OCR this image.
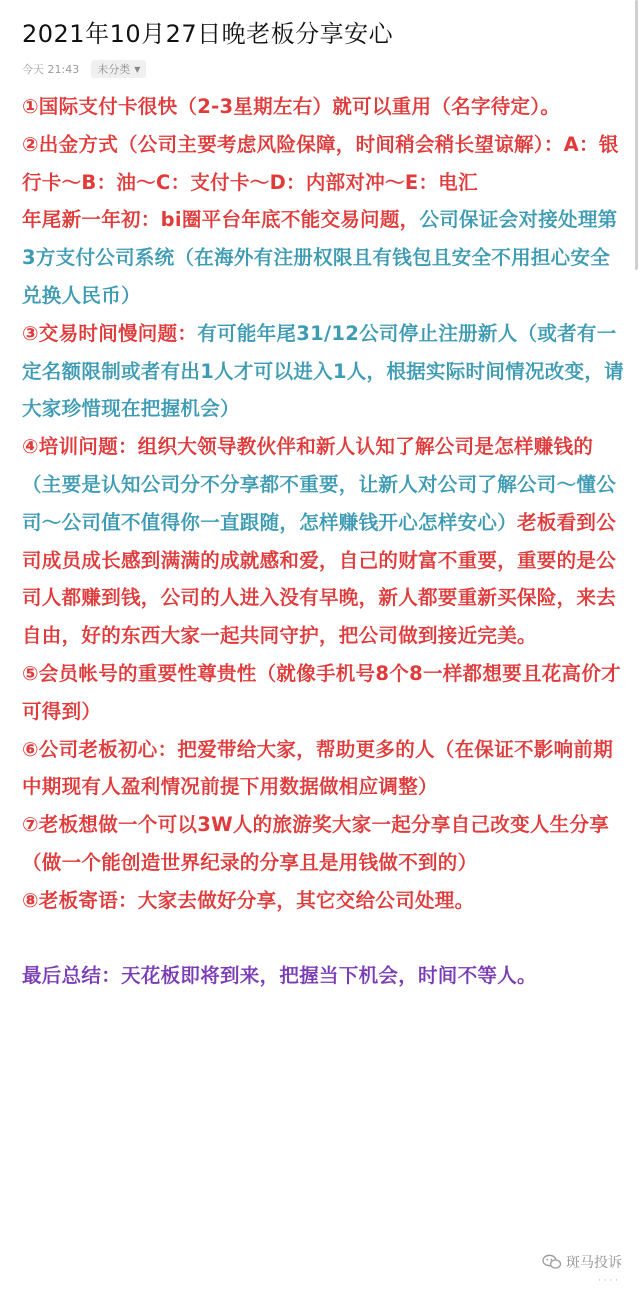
2021年10月27日晚老板分享安心
今天 21:43 未分类 ▼

①国际支付卡很快（2-3星期左右）就可以重用（名字待定）。

②出金方式（公司主要考虑风险保障，时间稍会稍长望谅解）：A：银行卡～B：油～C：支付卡～D：内部对冲～E：电汇

年尾新一年初：bi圈平台年底不能交易问题，公司保证会对接处理第3方支付公司系统（在海外有注册权限且有钱包且安全不用担心安全兑换人民币）

③交易时间慢问题：有可能年尾31/12公司停止注册新人（或者有一定名额限制或者有出1人才可以进入1人，根据实际时间情况改变，请大家珍惜现在把握机会）

④培训问题：组织大领导教伙伴和新人认知了解公司是怎样赚钱的（主要是认知公司分不分享都不重要，让新人对公司了解公司～懂公司～公司值不值得你一直跟随，怎样赚钱开心怎样安心）老板看到公司成员成长感到满满的成就感和爱，自己的财富不重要，重要的是公司人都赚到钱，公司的人进入没有早晚，新人都要重新买保险，来去自由，好的东西大家一起共同守护，把公司做到接近完美。

⑤会员帐号的重要性尊贵性（就像手机号8个8一样都想要且花高价才可得到）

⑥公司老板初心：把爱带给大家，帮助更多的人（在保证不影响前期中期现有人盈利情况前提下用数据做相应调整）

⑦老板想做一个可以3W人的旅游奖大家一起分享自己改变人生分享（做一个能创造世界纪录的分享且是用钱做不到的）

⑧老板寄语：大家去做好分享，其它交给公司处理。

最后总结：天花板即将到来，把握当下机会，时间不等人。

斑马投诉
· · · ·
